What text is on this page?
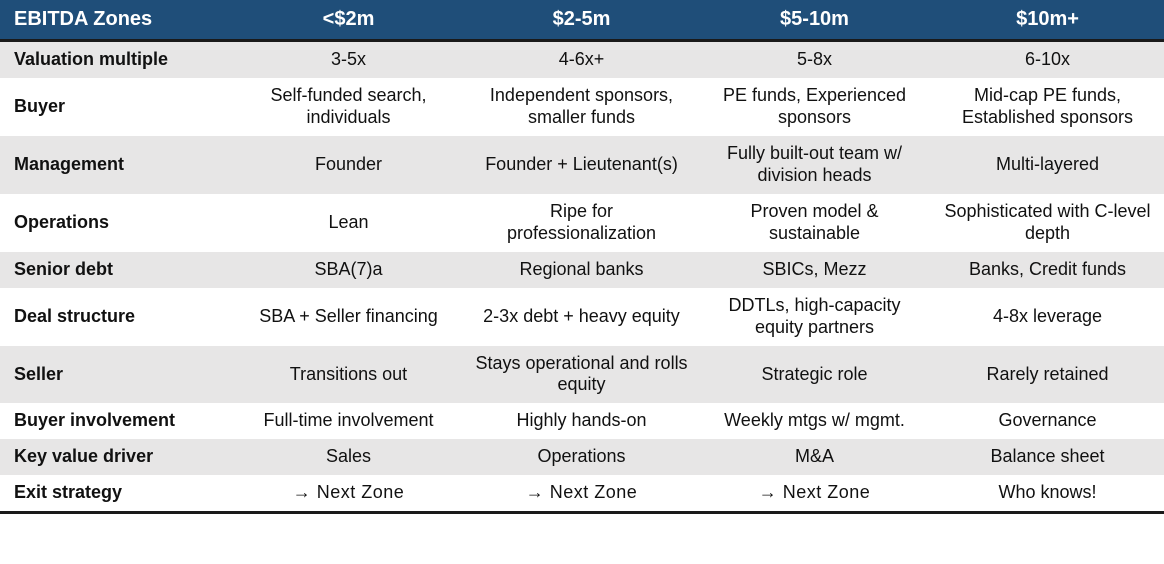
EBITDA Zones	<$2m	$2-5m	$5-10m	$10m+
Valuation multiple	3-5x	4-6x+	5-8x	6-10x
Buyer	Self-funded search, individuals	Independent sponsors, smaller funds	PE funds, Experienced sponsors	Mid-cap PE funds, Established sponsors
Management	Founder	Founder + Lieutenant(s)	Fully built-out team w/ division heads	Multi-layered
Operations	Lean	Ripe for professionalization	Proven model & sustainable	Sophisticated with C-level depth
Senior debt	SBA(7)a	Regional banks	SBICs, Mezz	Banks, Credit funds
Deal structure	SBA + Seller financing	2-3x debt + heavy equity	DDTLs, high-capacity equity partners	4-8x leverage
Seller	Transitions out	Stays operational and rolls equity	Strategic role	Rarely retained
Buyer involvement	Full-time involvement	Highly hands-on	Weekly mtgs w/ mgmt.	Governance
Key value driver	Sales	Operations	M&A	Balance sheet
Exit strategy	→ Next Zone	→ Next Zone	→ Next Zone	Who knows!
